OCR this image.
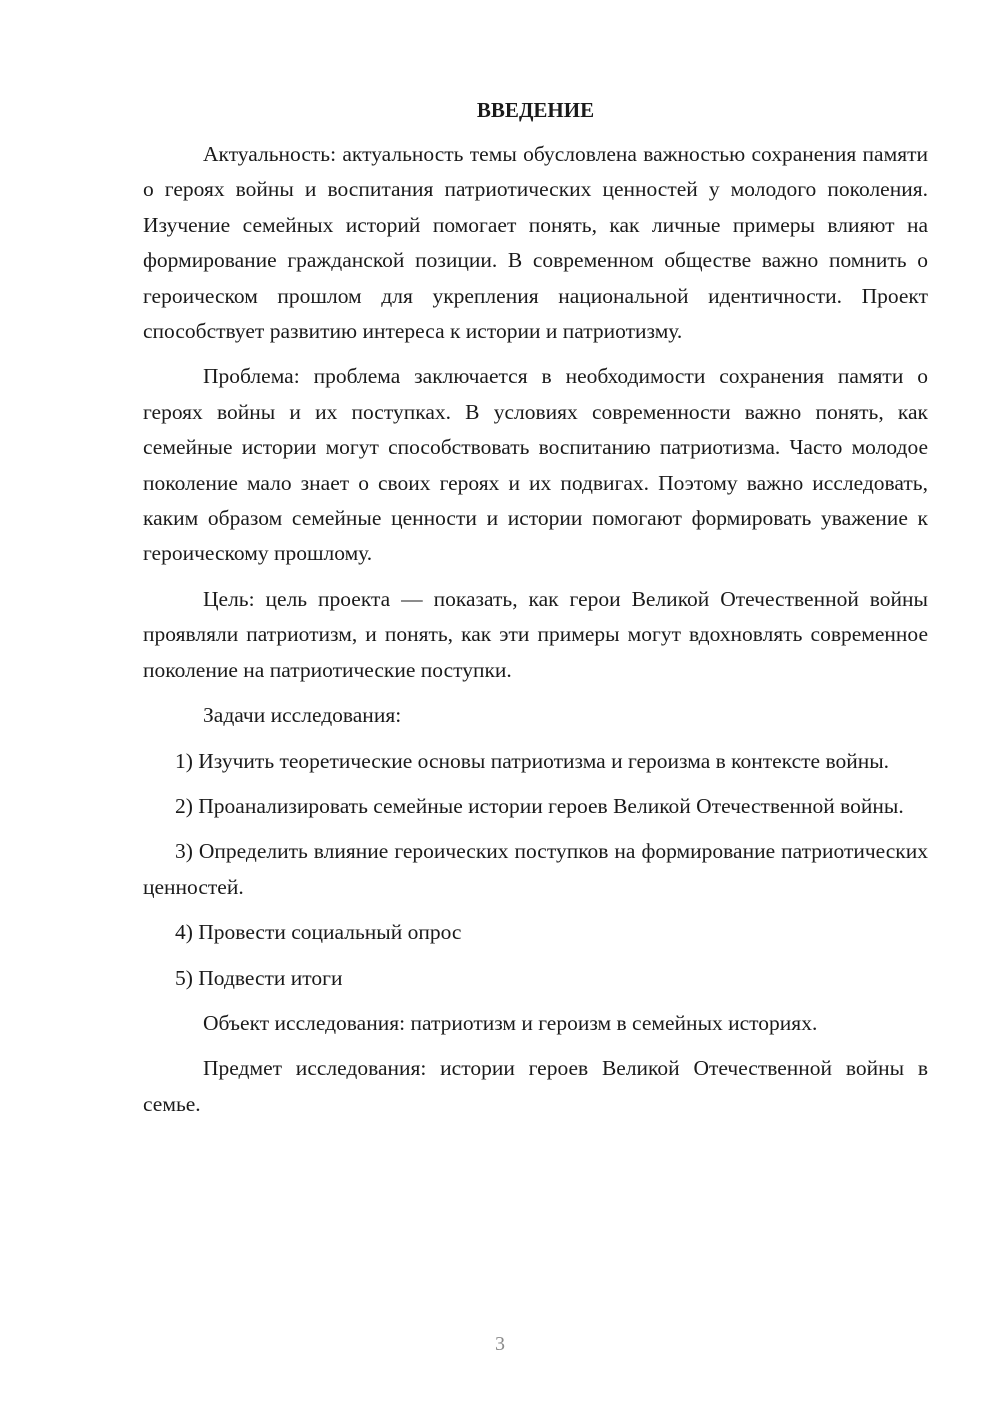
ВВЕДЕНИЕ

Актуальность: актуальность темы обусловлена важностью сохранения памяти о героях войны и воспитания патриотических ценностей у молодого поколения. Изучение семейных историй помогает понять, как личные примеры влияют на формирование гражданской позиции. В современном обществе важно помнить о героическом прошлом для укрепления национальной идентичности. Проект способствует развитию интереса к истории и патриотизму.

Проблема: проблема заключается в необходимости сохранения памяти о героях войны и их поступках. В условиях современности важно понять, как семейные истории могут способствовать воспитанию патриотизма. Часто молодое поколение мало знает о своих героях и их подвигах. Поэтому важно исследовать, каким образом семейные ценности и истории помогают формировать уважение к героическому прошлому.

Цель: цель проекта — показать, как герои Великой Отечественной войны проявляли патриотизм, и понять, как эти примеры могут вдохновлять современное поколение на патриотические поступки.

Задачи исследования:

1) Изучить теоретические основы патриотизма и героизма в контексте войны.

2) Проанализировать семейные истории героев Великой Отечественной войны.

3) Определить влияние героических поступков на формирование патриотических ценностей.

4) Провести социальный опрос

5) Подвести итоги

Объект исследования: патриотизм и героизм в семейных историях.

Предмет исследования: истории героев Великой Отечественной войны в семье.

3
